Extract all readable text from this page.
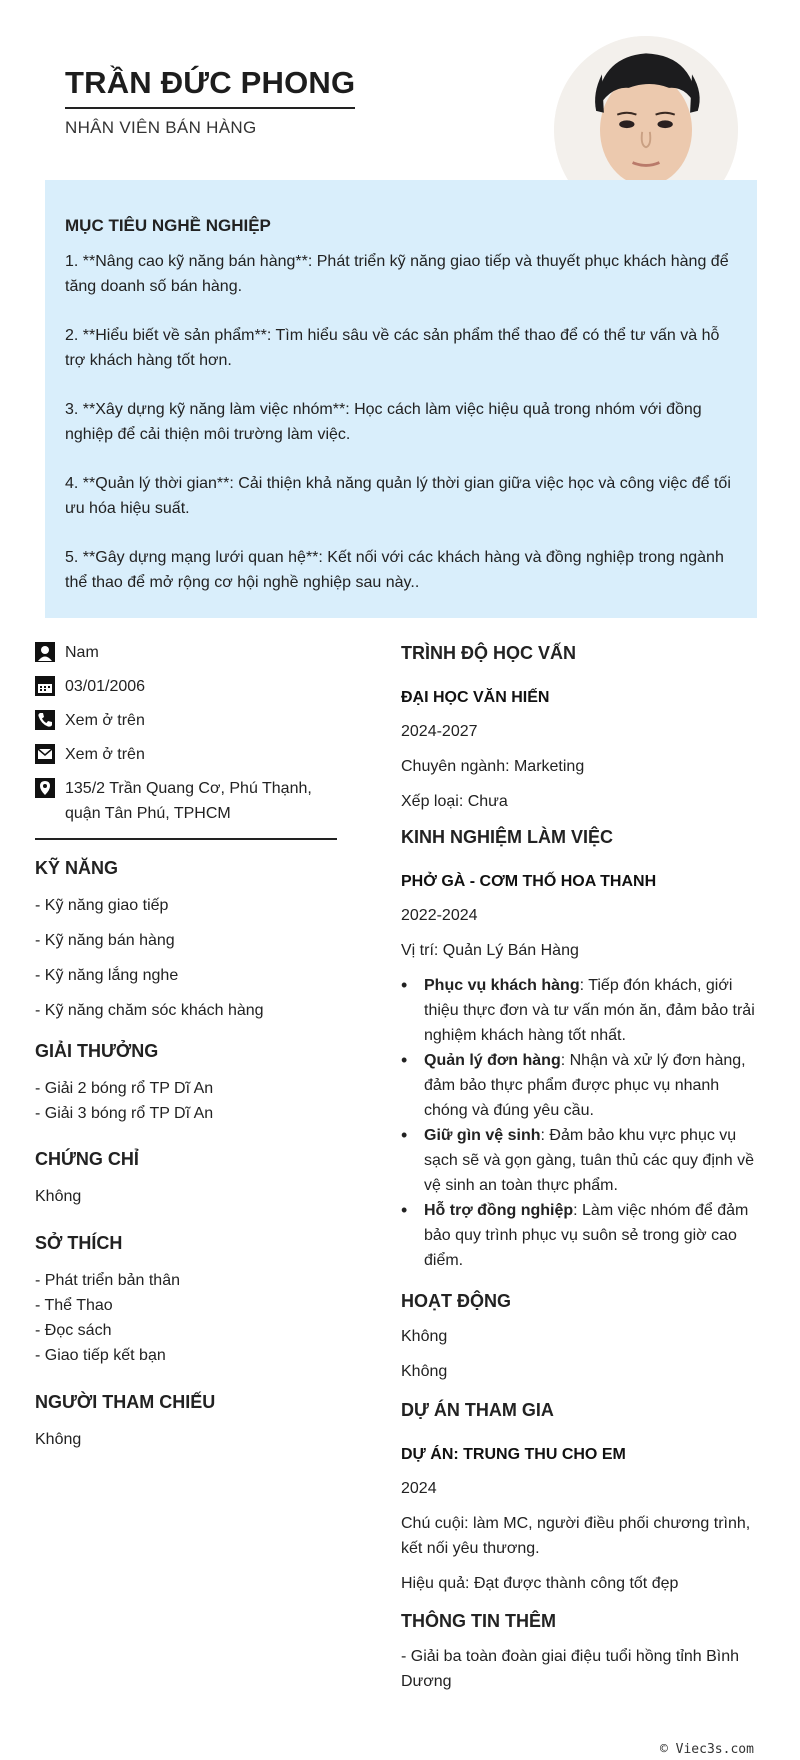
TRẦN ĐỨC PHONG
NHÂN VIÊN BÁN HÀNG
MỤC TIÊU NGHỀ NGHIỆP
1. **Nâng cao kỹ năng bán hàng**: Phát triển kỹ năng giao tiếp và thuyết phục khách hàng để tăng doanh số bán hàng.
2. **Hiểu biết về sản phẩm**: Tìm hiểu sâu về các sản phẩm thể thao để có thể tư vấn và hỗ trợ khách hàng tốt hơn.
3. **Xây dựng kỹ năng làm việc nhóm**: Học cách làm việc hiệu quả trong nhóm với đồng nghiệp để cải thiện môi trường làm việc.
4. **Quản lý thời gian**: Cải thiện khả năng quản lý thời gian giữa việc học và công việc để tối ưu hóa hiệu suất.
5. **Gây dựng mạng lưới quan hệ**: Kết nối với các khách hàng và đồng nghiệp trong ngành thể thao để mở rộng cơ hội nghề nghiệp sau này..
Nam
03/01/2006
Xem ở trên
Xem ở trên
135/2 Trần Quang Cơ, Phú Thạnh, quận Tân Phú, TPHCM
KỸ NĂNG
- Kỹ năng giao tiếp
- Kỹ năng bán hàng
- Kỹ năng lắng nghe
- Kỹ năng chăm sóc khách hàng
GIẢI THƯỞNG
- Giải 2 bóng rổ TP Dĩ An
- Giải 3 bóng rổ TP Dĩ An
CHỨNG CHỈ
Không
SỞ THÍCH
- Phát triển bản thân
- Thể Thao
- Đọc sách
- Giao tiếp kết bạn
NGƯỜI THAM CHIẾU
Không
TRÌNH ĐỘ HỌC VẤN
ĐẠI HỌC VĂN HIẾN
2024-2027
Chuyên ngành: Marketing
Xếp loại: Chưa
KINH NGHIỆM LÀM VIỆC
PHỞ GÀ - CƠM THỐ HOA THANH
2022-2024
Vị trí: Quản Lý Bán Hàng
• Phục vụ khách hàng: Tiếp đón khách, giới thiệu thực đơn và tư vấn món ăn, đảm bảo trải nghiệm khách hàng tốt nhất.
• Quản lý đơn hàng: Nhận và xử lý đơn hàng, đảm bảo thực phẩm được phục vụ nhanh chóng và đúng yêu cầu.
• Giữ gìn vệ sinh: Đảm bảo khu vực phục vụ sạch sẽ và gọn gàng, tuân thủ các quy định về vệ sinh an toàn thực phẩm.
• Hỗ trợ đồng nghiệp: Làm việc nhóm để đảm bảo quy trình phục vụ suôn sẻ trong giờ cao điểm.
HOẠT ĐỘNG
Không
Không
DỰ ÁN THAM GIA
DỰ ÁN: TRUNG THU CHO EM
2024
Chú cuội: làm MC, người điều phối chương trình, kết nối yêu thương.
Hiệu quả: Đạt được thành công tốt đẹp
THÔNG TIN THÊM
- Giải ba toàn đoàn giai điệu tuổi hồng tỉnh Bình Dương
© Viec3s.com
